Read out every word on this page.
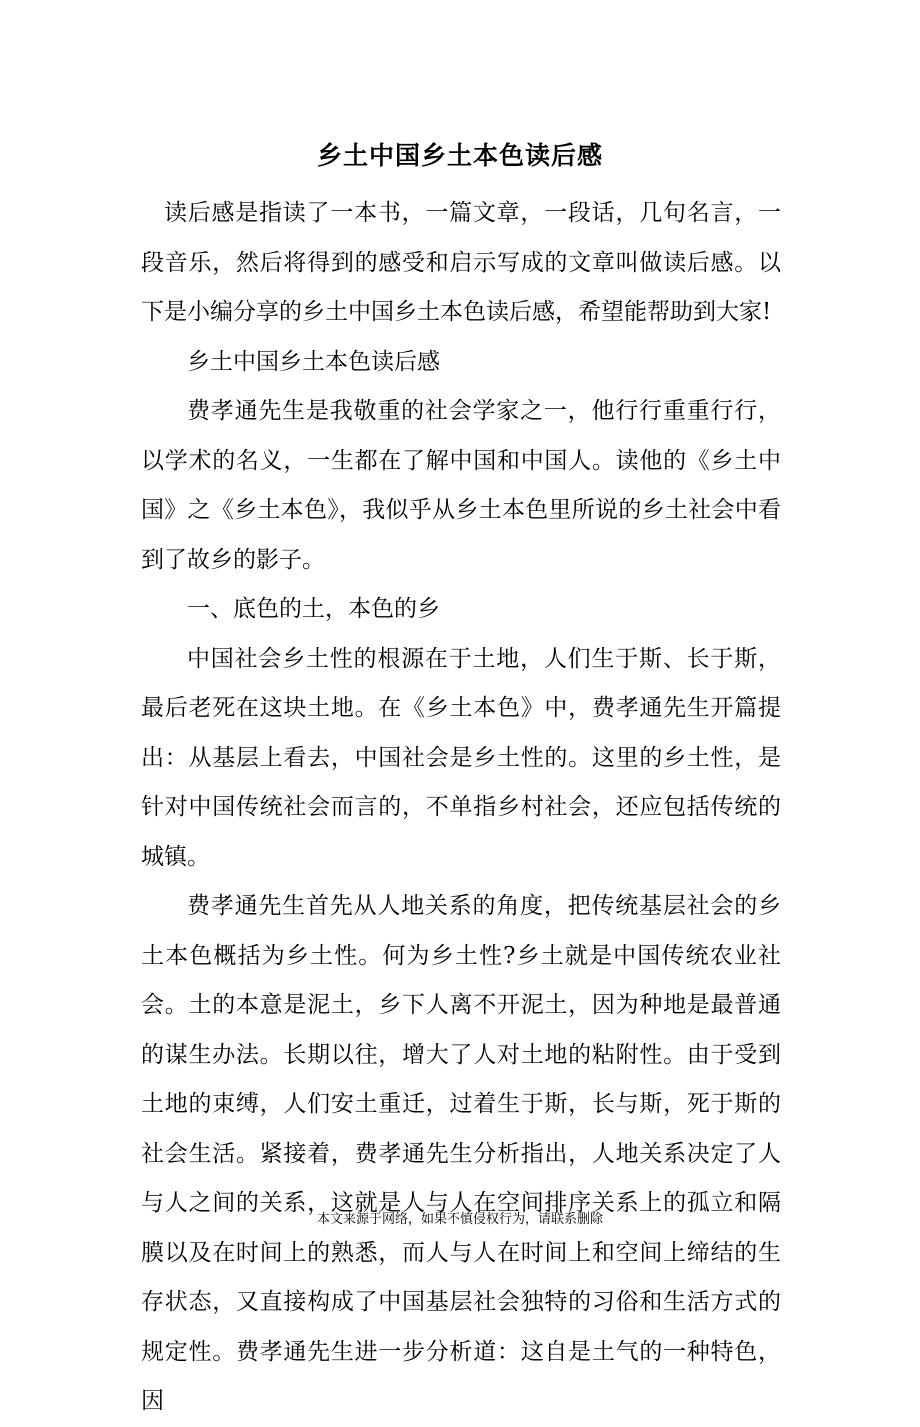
乡土中国乡土本色读后感

读后感是指读了一本书，一篇文章，一段话，几句名言，一段音乐，然后将得到的感受和启示写成的文章叫做读后感。以下是小编分享的乡土中国乡土本色读后感，希望能帮助到大家!

乡土中国乡土本色读后感

费孝通先生是我敬重的社会学家之一，他行行重重行行，以学术的名义，一生都在了解中国和中国人。读他的《乡土中国》之《乡土本色》，我似乎从乡土本色里所说的乡土社会中看到了故乡的影子。

一、底色的土，本色的乡

中国社会乡土性的根源在于土地，人们生于斯、长于斯，最后老死在这块土地。在《乡土本色》中，费孝通先生开篇提出：从基层上看去，中国社会是乡土性的。这里的乡土性，是针对中国传统社会而言的，不单指乡村社会，还应包括传统的城镇。

费孝通先生首先从人地关系的角度，把传统基层社会的乡土本色概括为乡土性。何为乡土性?乡土就是中国传统农业社会。土的本意是泥土，乡下人离不开泥土，因为种地是最普通的谋生办法。长期以往，增大了人对土地的粘附性。由于受到土地的束缚，人们安土重迁，过着生于斯，长与斯，死于斯的社会生活。紧接着，费孝通先生分析指出，人地关系决定了人与人之间的关系，这就是人与人在空间排序关系上的孤立和隔膜以及在时间上的熟悉，而人与人在时间上和空间上缔结的生存状态，又直接构成了中国基层社会独特的习俗和生活方式的规定性。费孝通先生进一步分析道：这自是土气的一种特色，因

本文来源于网络，如果不慎侵权行为，请联系删除
